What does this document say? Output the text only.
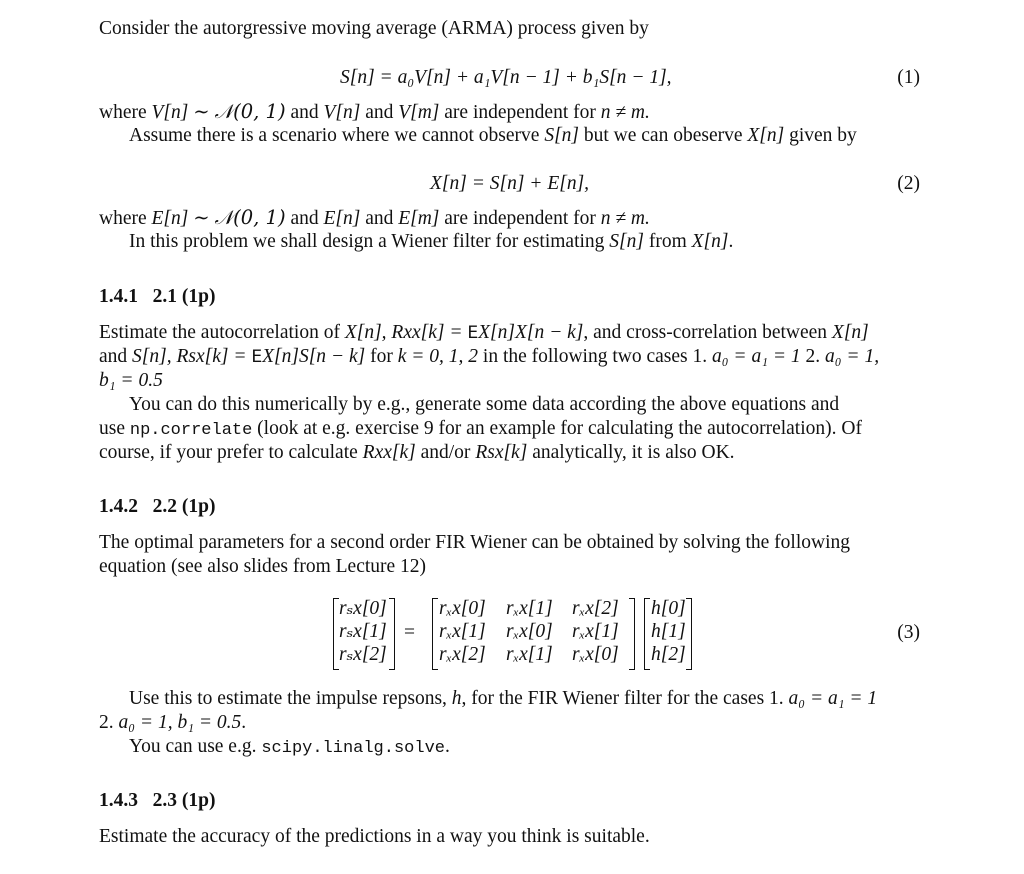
Consider the autorgressive moving average (ARMA) process given by
S[n] = a₀V[n] + a₁V[n − 1] + b₁S[n − 1],	(1)
where V[n] ∼ 𝒩(0, 1) and V[n] and V[m] are independent for n ≠ m.
Assume there is a scenario where we cannot observe S[n] but we can obeserve X[n] given by
X[n] = S[n] + E[n],	(2)
where E[n] ∼ 𝒩(0, 1) and E[n] and E[m] are independent for n ≠ m.
In this problem we shall design a Wiener filter for estimating S[n] from X[n].
1.4.1 2.1 (1p)
Estimate the autocorrelation of X[n], Rxx[k] = EX[n]X[n − k], and cross-correlation between X[n]
and S[n], Rsx[k] = EX[n]S[n − k] for k = 0, 1, 2 in the following two cases 1. a₀ = a₁ = 1 2. a₀ = 1,
b₁ = 0.5
You can do this numerically by e.g., generate some data according the above equations and
use np.correlate (look at e.g. exercise 9 for an example for calculating the autocorrelation). Of
course, if your prefer to calculate Rxx[k] and/or Rsx[k] analytically, it is also OK.
1.4.2 2.2 (1p)
The optimal parameters for a second order FIR Wiener can be obtained by solving the following
equation (see also slides from Lecture 12)
rₛx[0]
rₛx[1]
rₛx[2]
=
rₓx[0] rₓx[1] rₓx[2]
rₓx[1] rₓx[0] rₓx[1]
rₓx[2] rₓx[1] rₓx[0]
h[0]
h[1]
h[2]
(3)
Use this to estimate the impulse repsons, h, for the FIR Wiener filter for the cases 1. a₀ = a₁ = 1
2. a₀ = 1, b₁ = 0.5.
You can use e.g. scipy.linalg.solve.
1.4.3 2.3 (1p)
Estimate the accuracy of the predictions in a way you think is suitable.
